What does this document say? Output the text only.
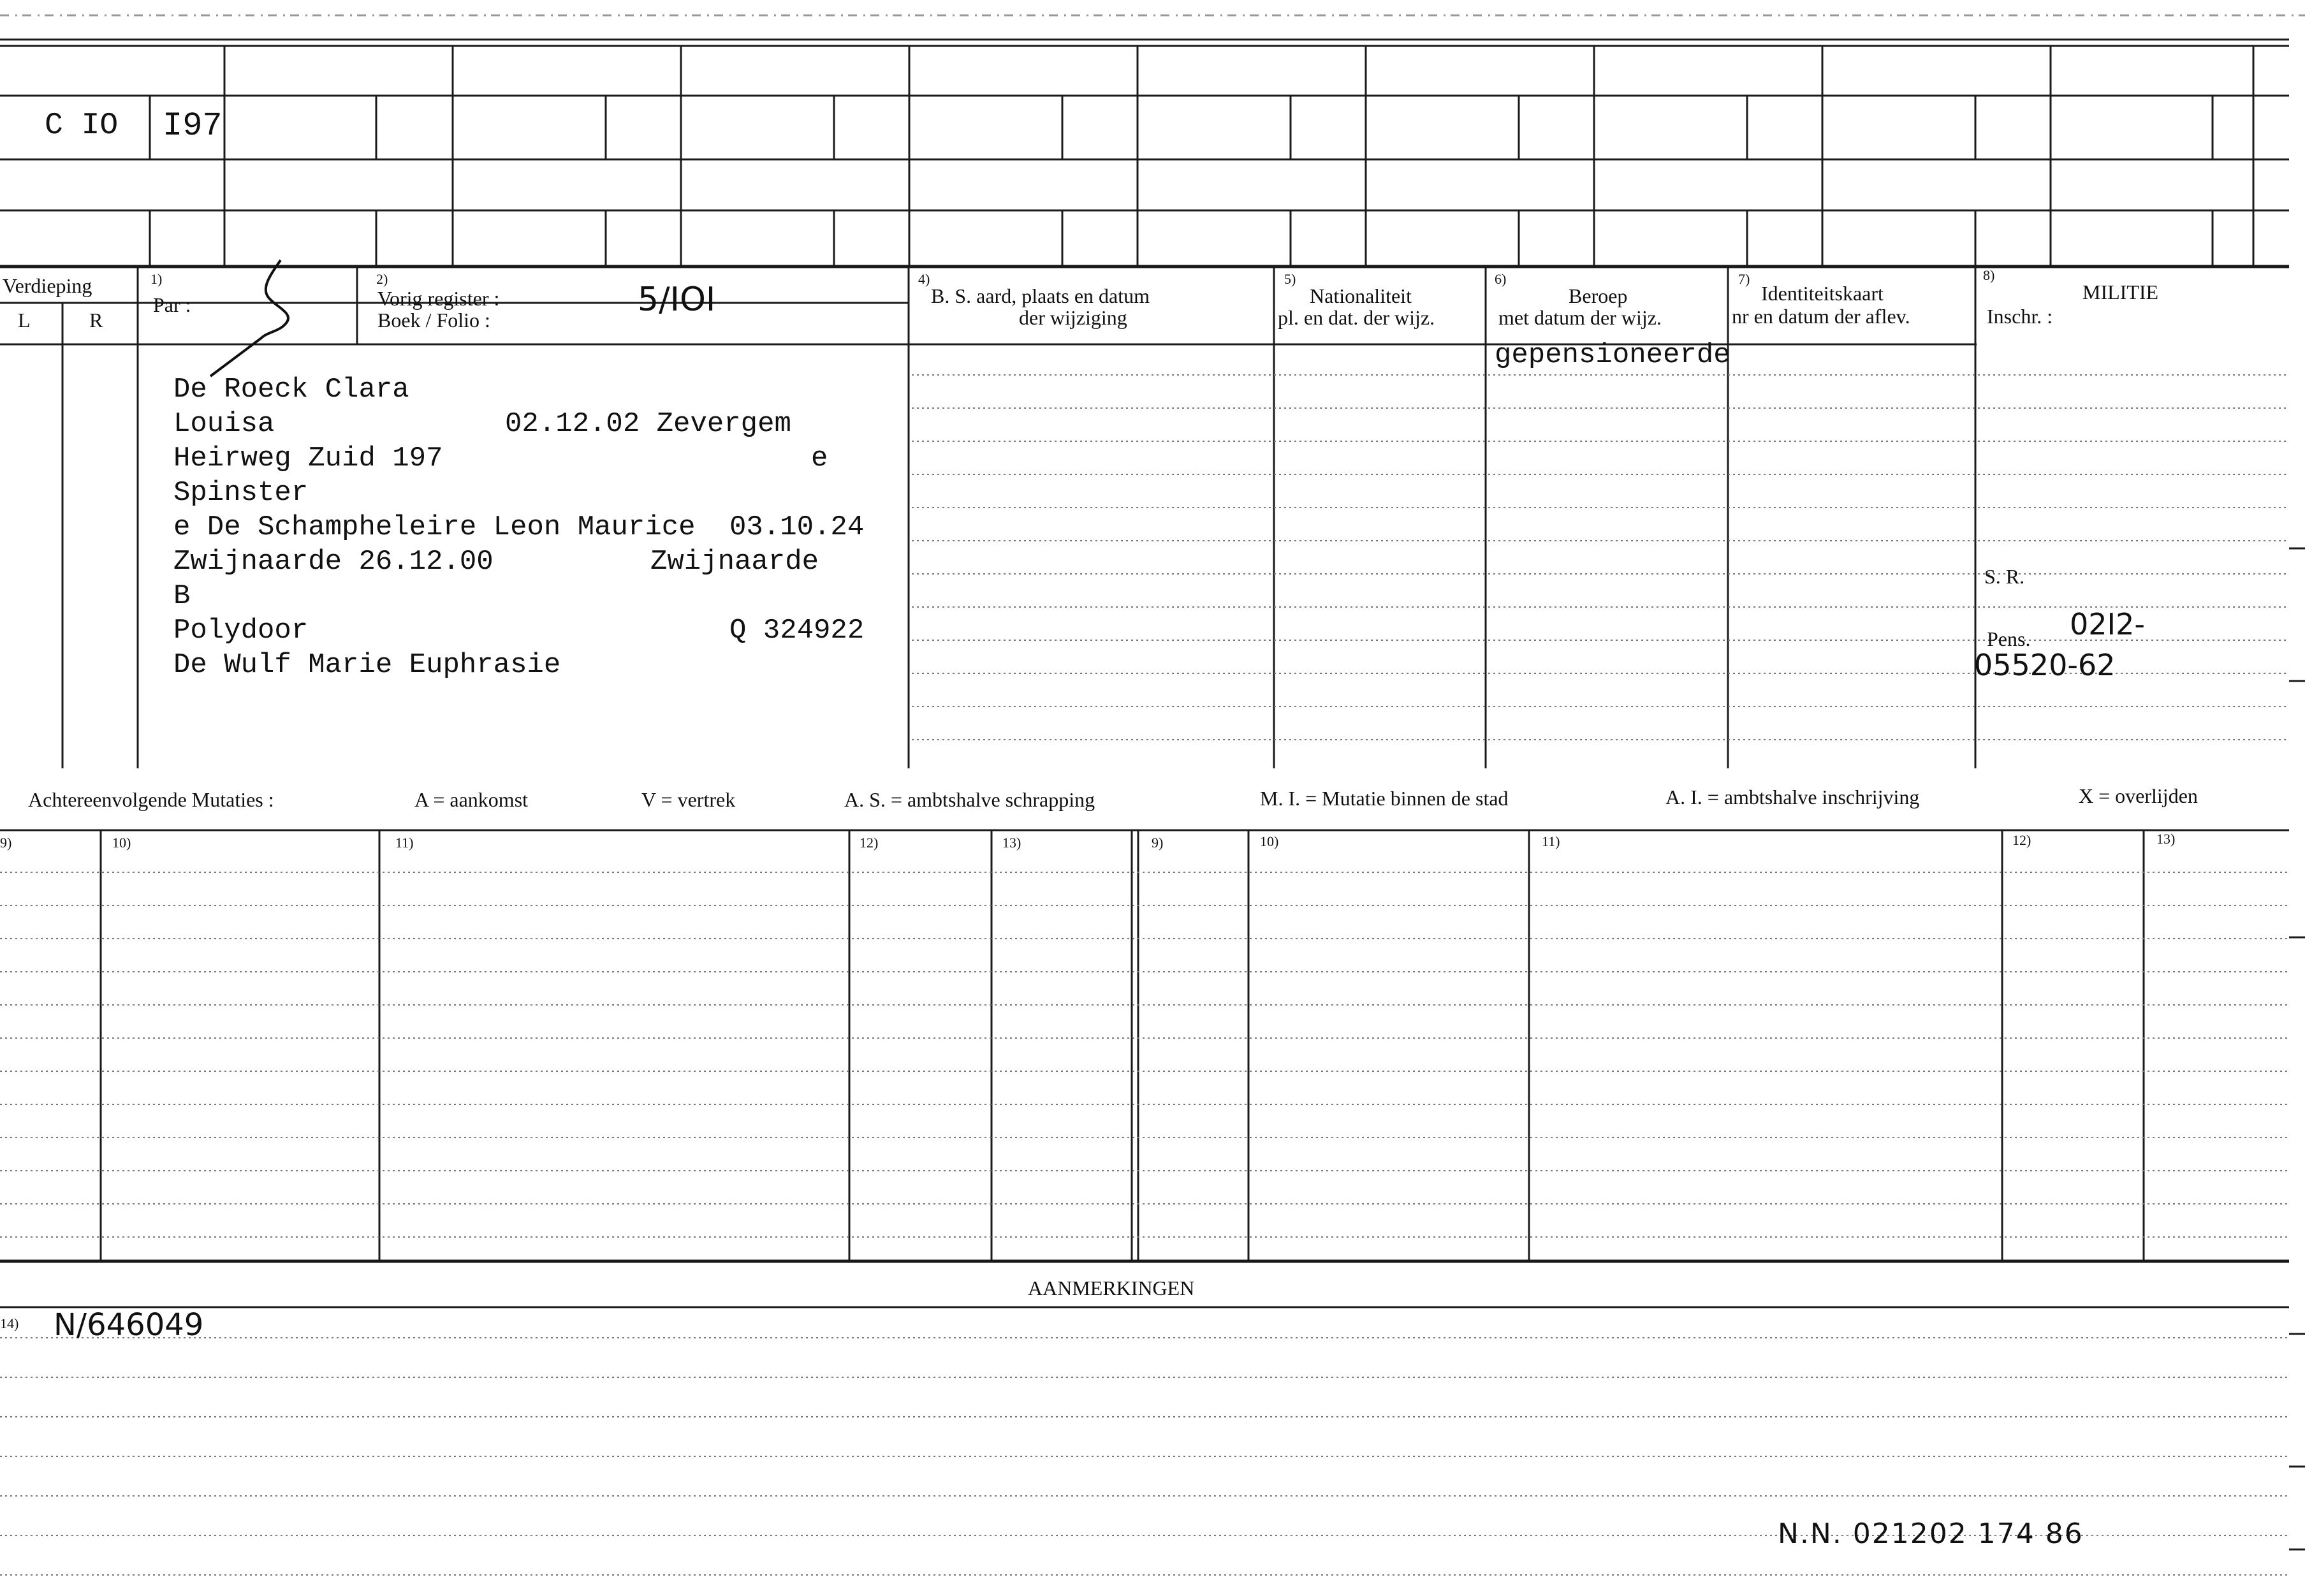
C IO I97
Verdieping
L	R
1)
Par :
2)
Vorig register :
Boek / Folio :
5/IOI
4)
B. S. aard, plaats en datum
der wijziging
5)
Nationaliteit
pl. en dat. der wijz.
6)
Beroep
met datum der wijz.
7)
Identiteitskaart
nr en datum der aflev.
8)
MILITIE
Inschr. :
De Roeck Clara
Louisa	02.12.02 Zevergem
Heirweg Zuid 197	e
Spinster
e De Schampheleire Leon Maurice 03.10.24
Zwijnaarde 26.12.00	Zwijnaarde
B
Polydoor	Q 324922
De Wulf Marie Euphrasie
gepensioneerde
S. R.
Pens. 02I2-
05520-62
Achtereenvolgende Mutaties :	A = aankomst	V = vertrek	A. S. = ambtshalve schrapping	M. I. = Mutatie binnen de stad	A. I. = ambtshalve inschrijving	X = overlijden
9)	10)	11)	12)	13)	9)	10)	11)	12)	13)
AANMERKINGEN
14) N/646049
N.N. 021202 174 86
